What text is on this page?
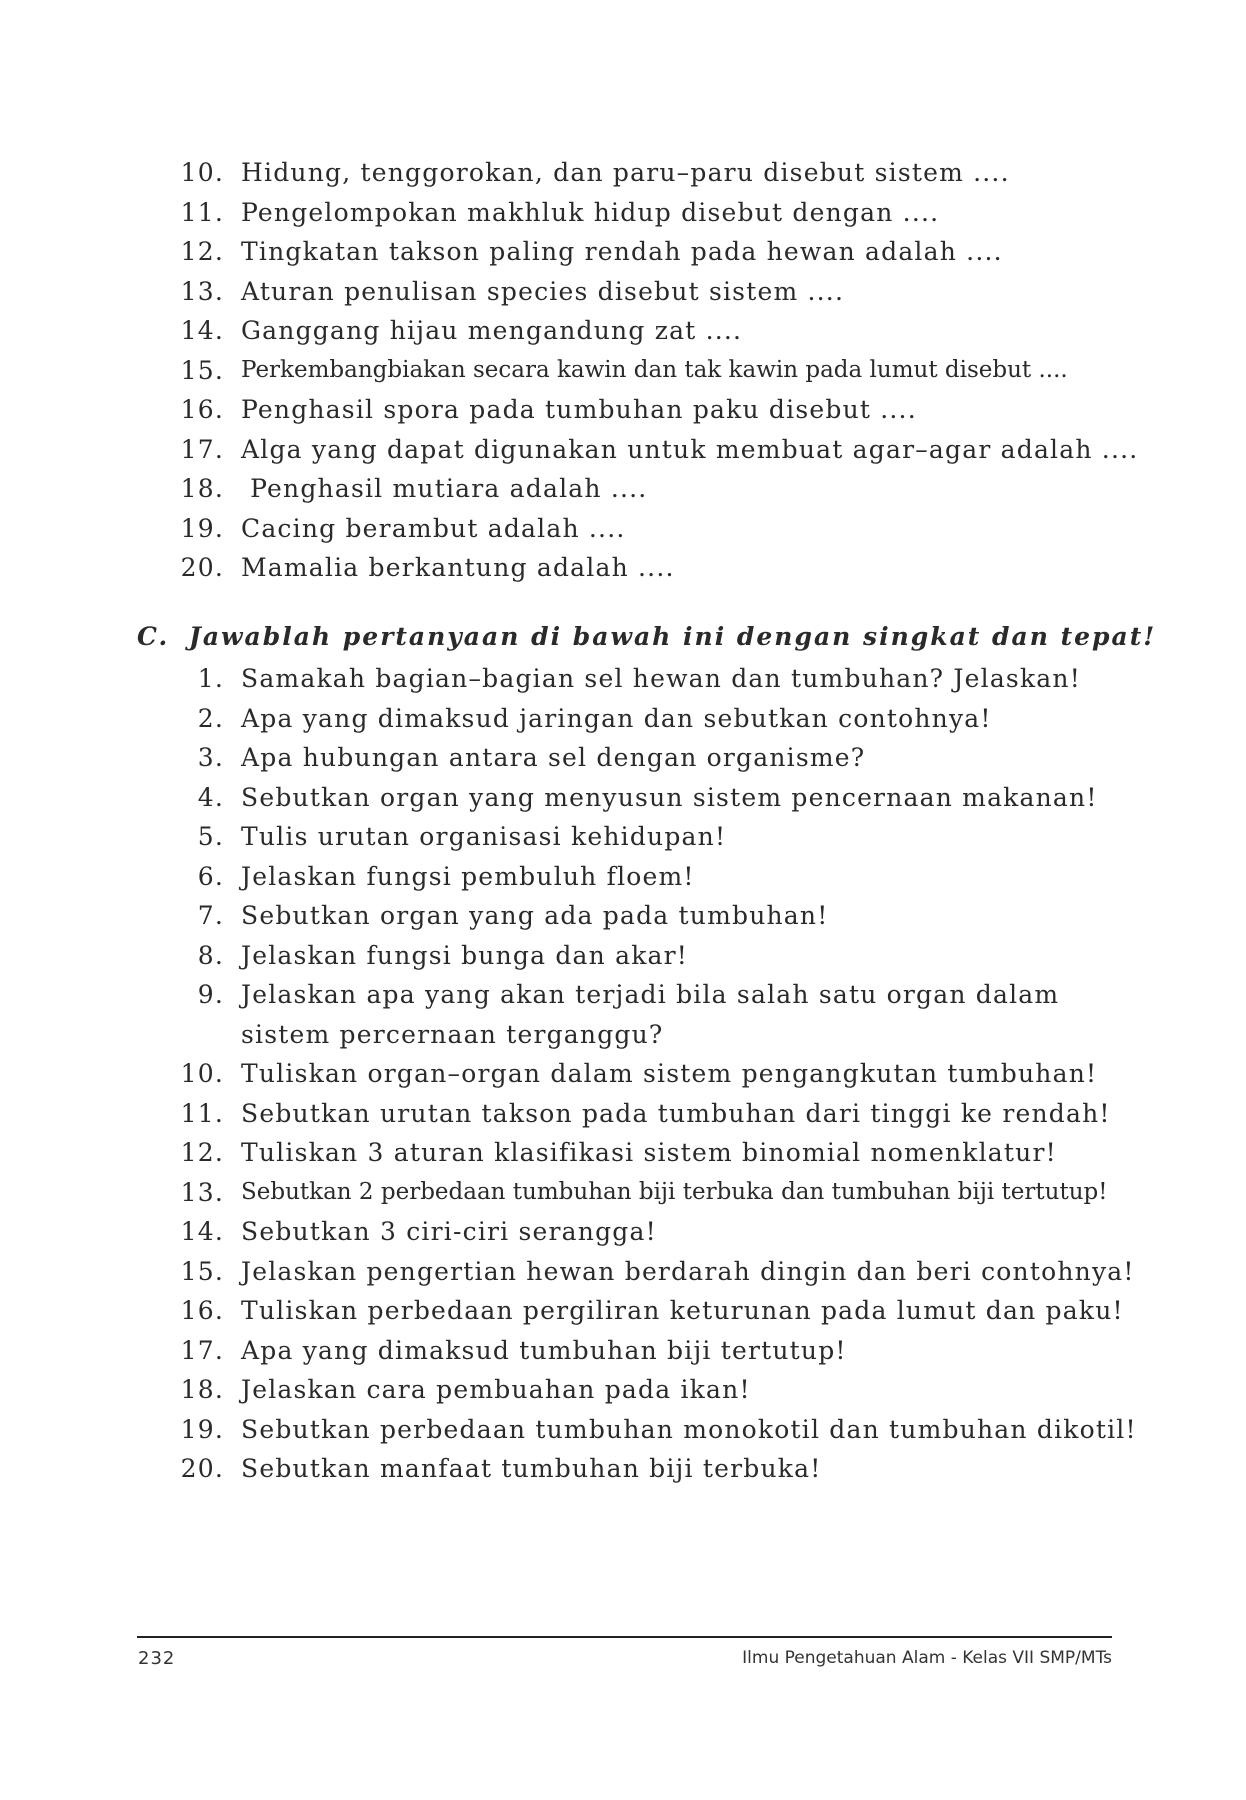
10. Hidung, tenggorokan, dan paru–paru disebut sistem ....
11. Pengelompokan makhluk hidup disebut dengan ....
12. Tingkatan takson paling rendah pada hewan adalah ....
13. Aturan penulisan species disebut sistem ....
14. Ganggang hijau mengandung zat ....
15. Perkembangbiakan secara kawin dan tak kawin pada lumut disebut ....
16. Penghasil spora pada tumbuhan paku disebut ....
17. Alga yang dapat digunakan untuk membuat agar–agar adalah ....
18. Penghasil mutiara adalah ....
19. Cacing berambut adalah ....
20. Mamalia berkantung adalah ....
C. Jawablah pertanyaan di bawah ini dengan singkat dan tepat!
1. Samakah bagian–bagian sel hewan dan tumbuhan? Jelaskan!
2. Apa yang dimaksud jaringan dan sebutkan contohnya!
3. Apa hubungan antara sel dengan organisme?
4. Sebutkan organ yang menyusun sistem pencernaan makanan!
5. Tulis urutan organisasi kehidupan!
6. Jelaskan fungsi pembuluh floem!
7. Sebutkan organ yang ada pada tumbuhan!
8. Jelaskan fungsi bunga dan akar!
9. Jelaskan apa yang akan terjadi bila salah satu organ dalam sistem percernaan terganggu?
10. Tuliskan organ–organ dalam sistem pengangkutan tumbuhan!
11. Sebutkan urutan takson pada tumbuhan dari tinggi ke rendah!
12. Tuliskan 3 aturan klasifikasi sistem binomial nomenklatur!
13. Sebutkan 2 perbedaan tumbuhan biji terbuka dan tumbuhan biji tertutup!
14. Sebutkan 3 ciri-ciri serangga!
15. Jelaskan pengertian hewan berdarah dingin dan beri contohnya!
16. Tuliskan perbedaan pergiliran keturunan pada lumut dan paku!
17. Apa yang dimaksud tumbuhan biji tertutup!
18. Jelaskan cara pembuahan pada ikan!
19. Sebutkan perbedaan tumbuhan monokotil dan tumbuhan dikotil!
20. Sebutkan manfaat tumbuhan biji terbuka!
232	Ilmu Pengetahuan Alam - Kelas VII SMP/MTs
